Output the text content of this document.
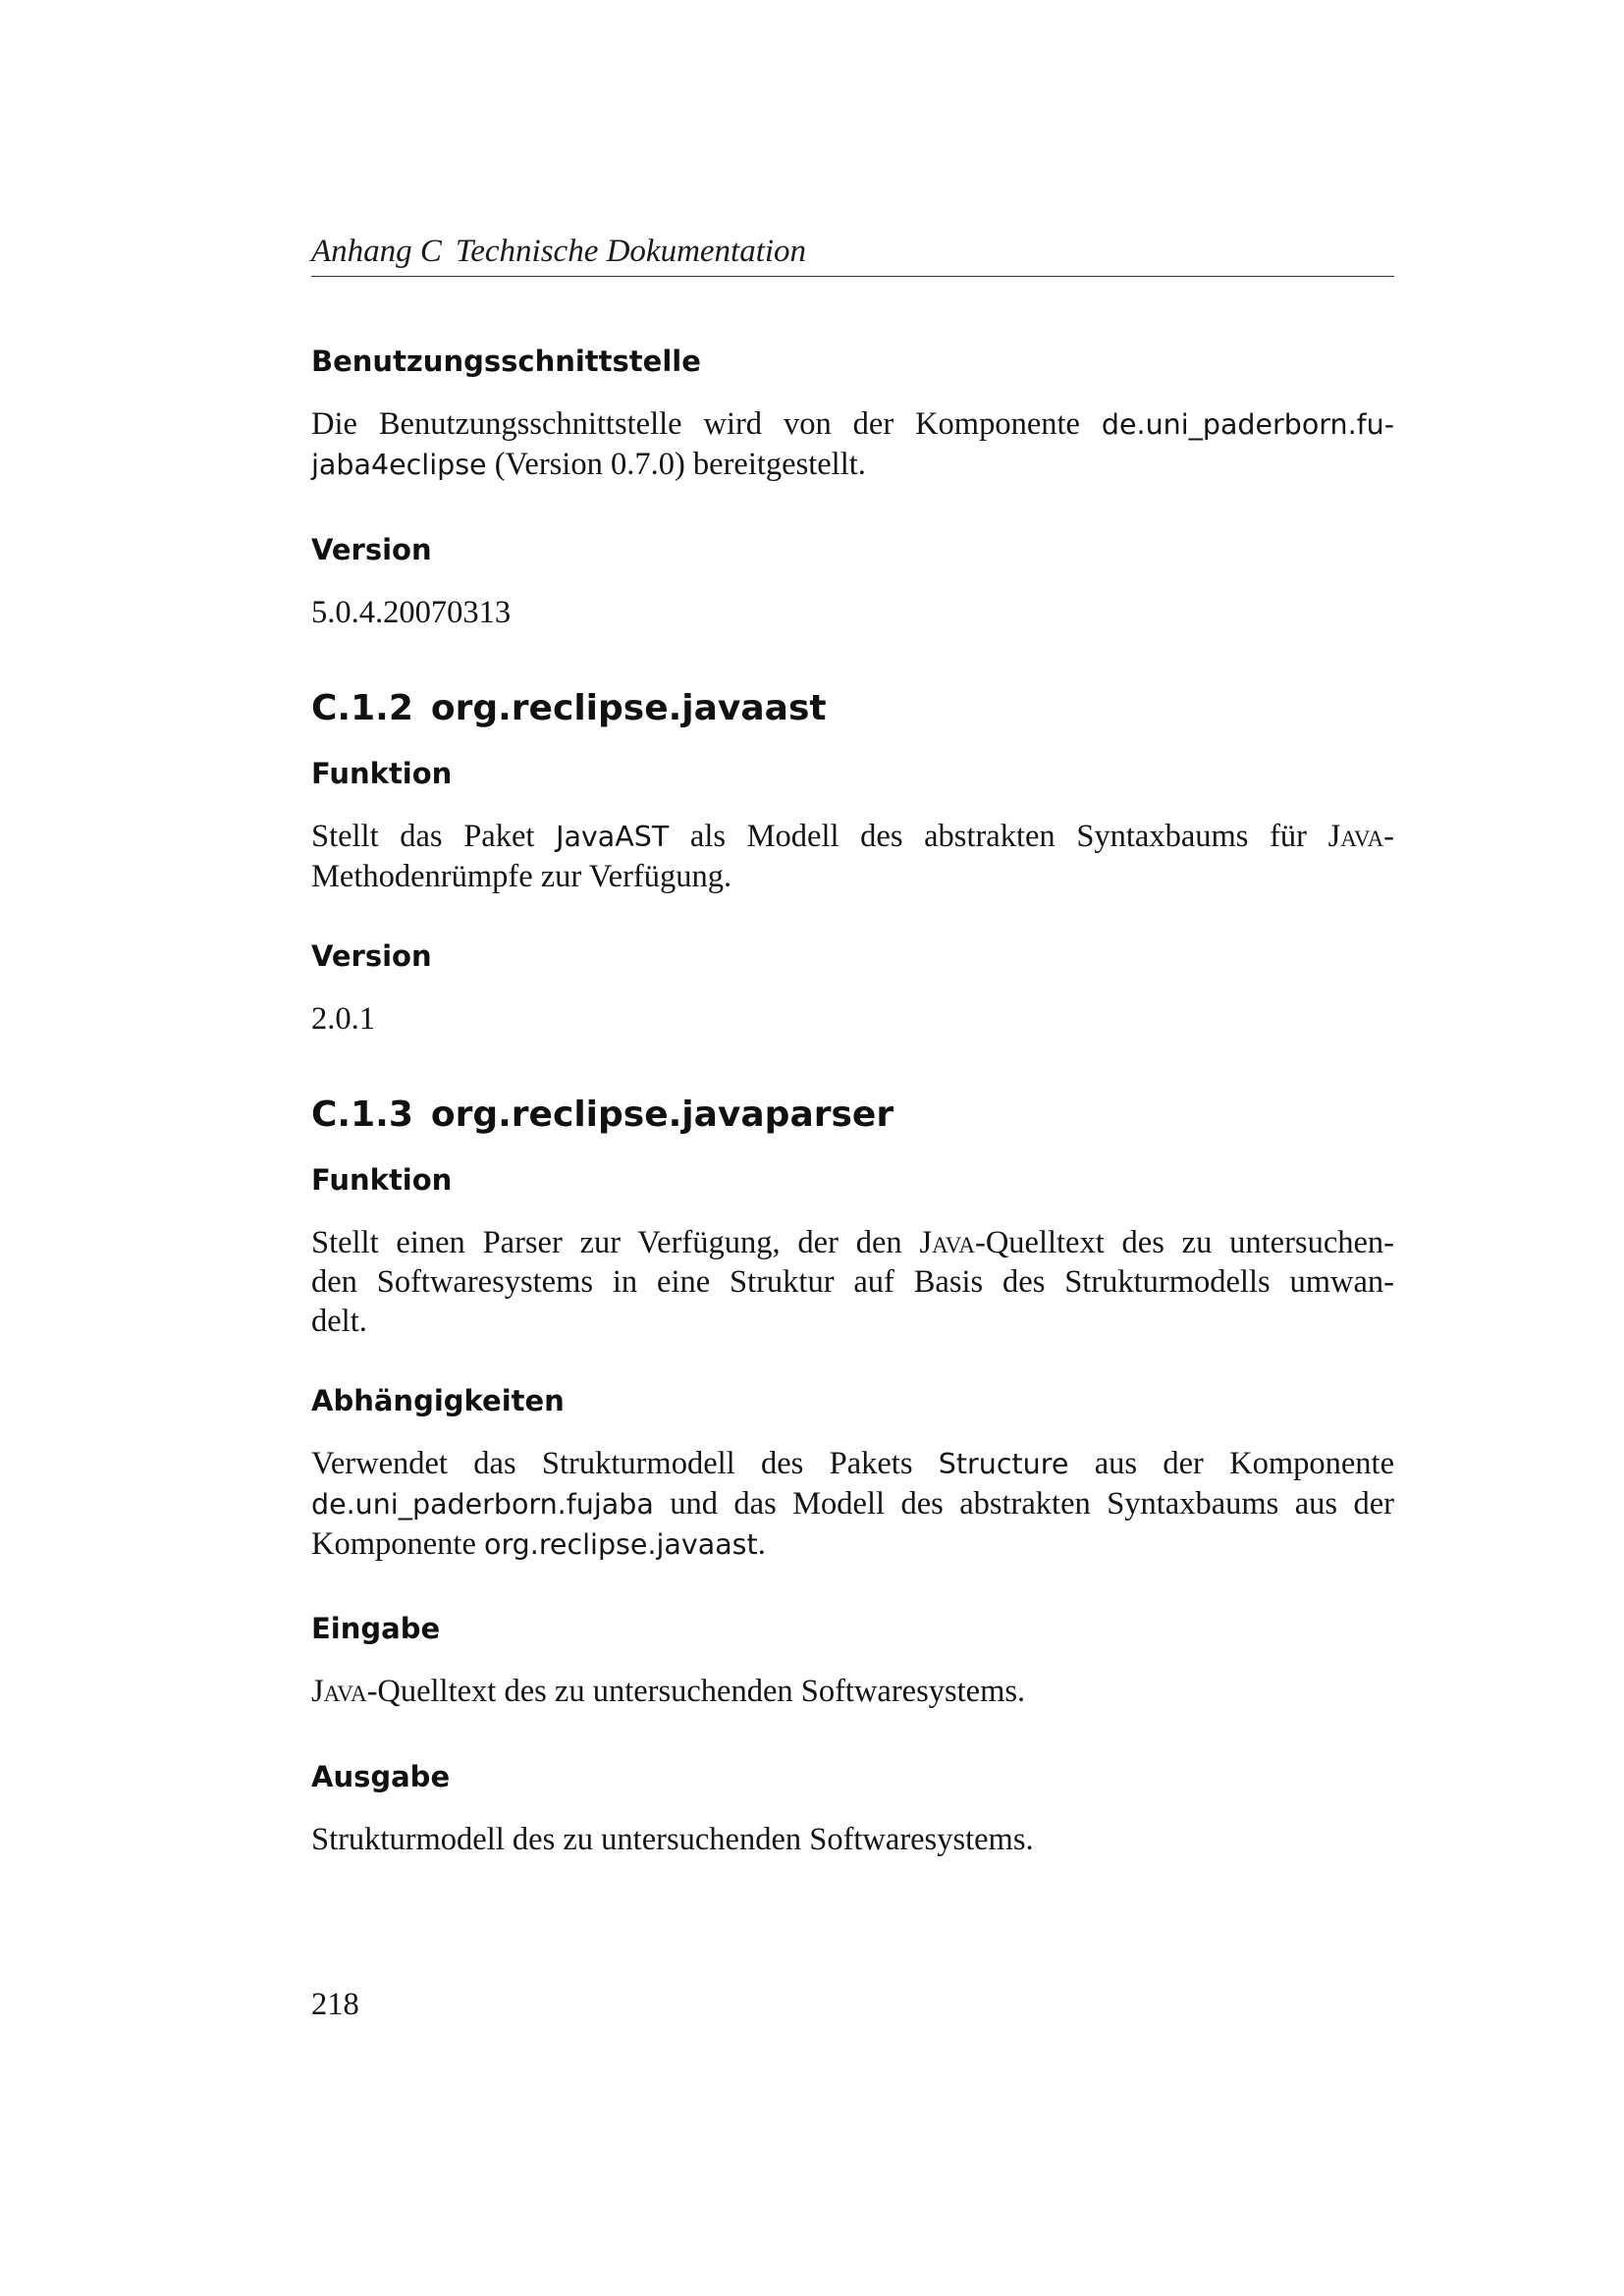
Anhang C Technische Dokumentation
Benutzungsschnittstelle
Die Benutzungsschnittstelle wird von der Komponente de.uni_paderborn.fu-
jaba4eclipse (Version 0.7.0) bereitgestellt.
Version
5.0.4.20070313
C.1.2 org.reclipse.javaast
Funktion
Stellt das Paket JavaAST als Modell des abstrakten Syntaxbaums für Java-
Methodenrümpfe zur Verfügung.
Version
2.0.1
C.1.3 org.reclipse.javaparser
Funktion
Stellt einen Parser zur Verfügung, der den Java-Quelltext des zu untersuchen-
den Softwaresystems in eine Struktur auf Basis des Strukturmodells umwan-
delt.
Abhängigkeiten
Verwendet das Strukturmodell des Pakets Structure aus der Komponente
de.uni_paderborn.fujaba und das Modell des abstrakten Syntaxbaums aus der
Komponente org.reclipse.javaast.
Eingabe
Java-Quelltext des zu untersuchenden Softwaresystems.
Ausgabe
Strukturmodell des zu untersuchenden Softwaresystems.
218
